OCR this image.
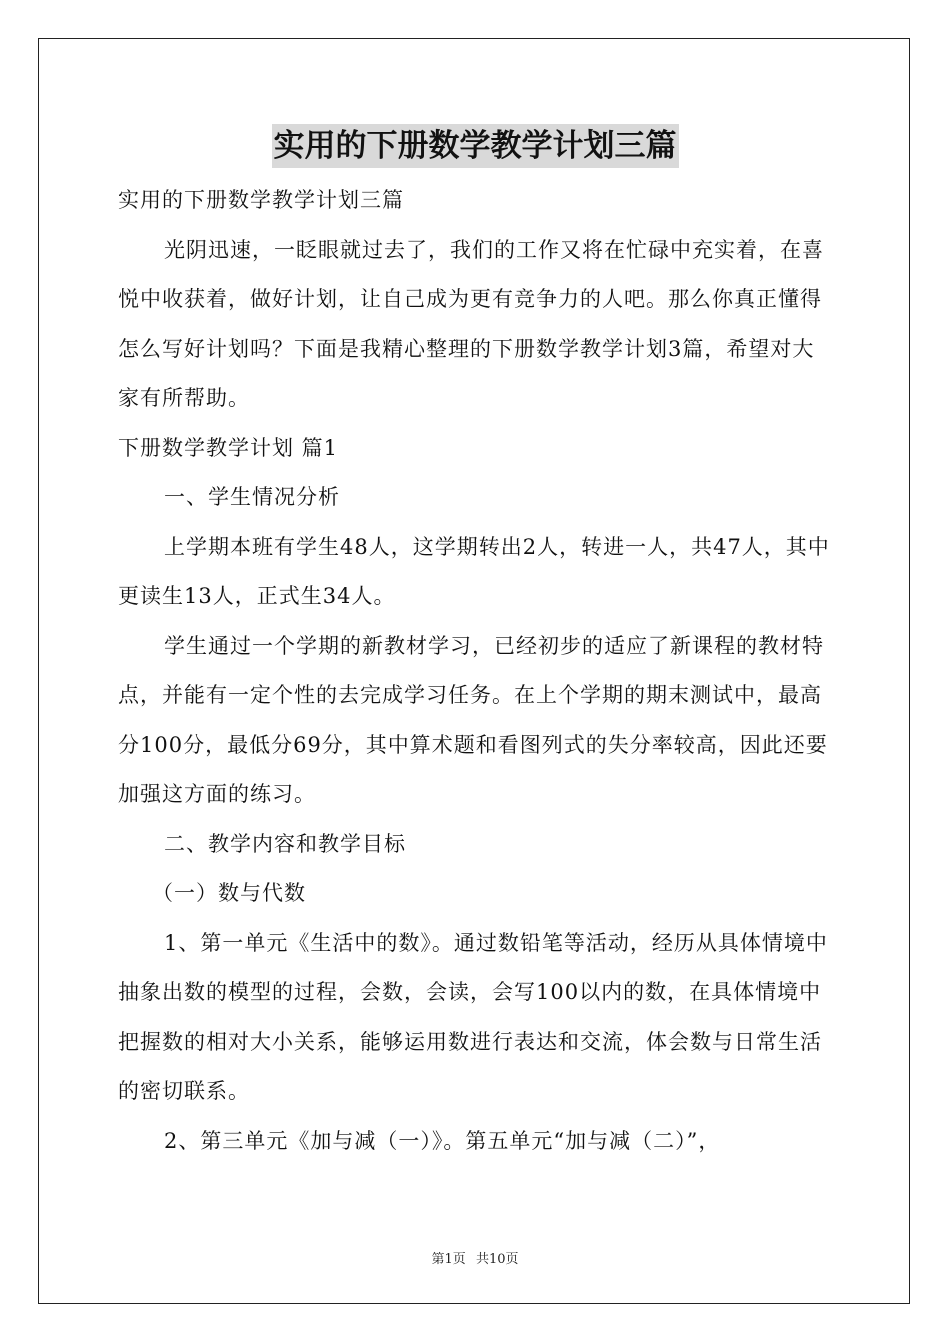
实用的下册数学教学计划三篇

实用的下册数学教学计划三篇

光阴迅速，一眨眼就过去了，我们的工作又将在忙碌中充实着，在喜悦中收获着，做好计划，让自己成为更有竞争力的人吧。那么你真正懂得怎么写好计划吗？下面是我精心整理的下册数学教学计划3篇，希望对大家有所帮助。

下册数学教学计划 篇1

一、学生情况分析

上学期本班有学生48人，这学期转出2人，转进一人，共47人，其中更读生13人，正式生34人。

学生通过一个学期的新教材学习，已经初步的适应了新课程的教材特点，并能有一定个性的去完成学习任务。在上个学期的期末测试中，最高分100分，最低分69分，其中算术题和看图列式的失分率较高，因此还要加强这方面的练习。

二、教学内容和教学目标

（一）数与代数

1、第一单元《生活中的数》。通过数铅笔等活动，经历从具体情境中抽象出数的模型的过程，会数，会读，会写100以内的数，在具体情境中把握数的相对大小关系，能够运用数进行表达和交流，体会数与日常生活的密切联系。

2、第三单元《加与减（一）》。第五单元“加与减（二）”，

第1页 共10页
